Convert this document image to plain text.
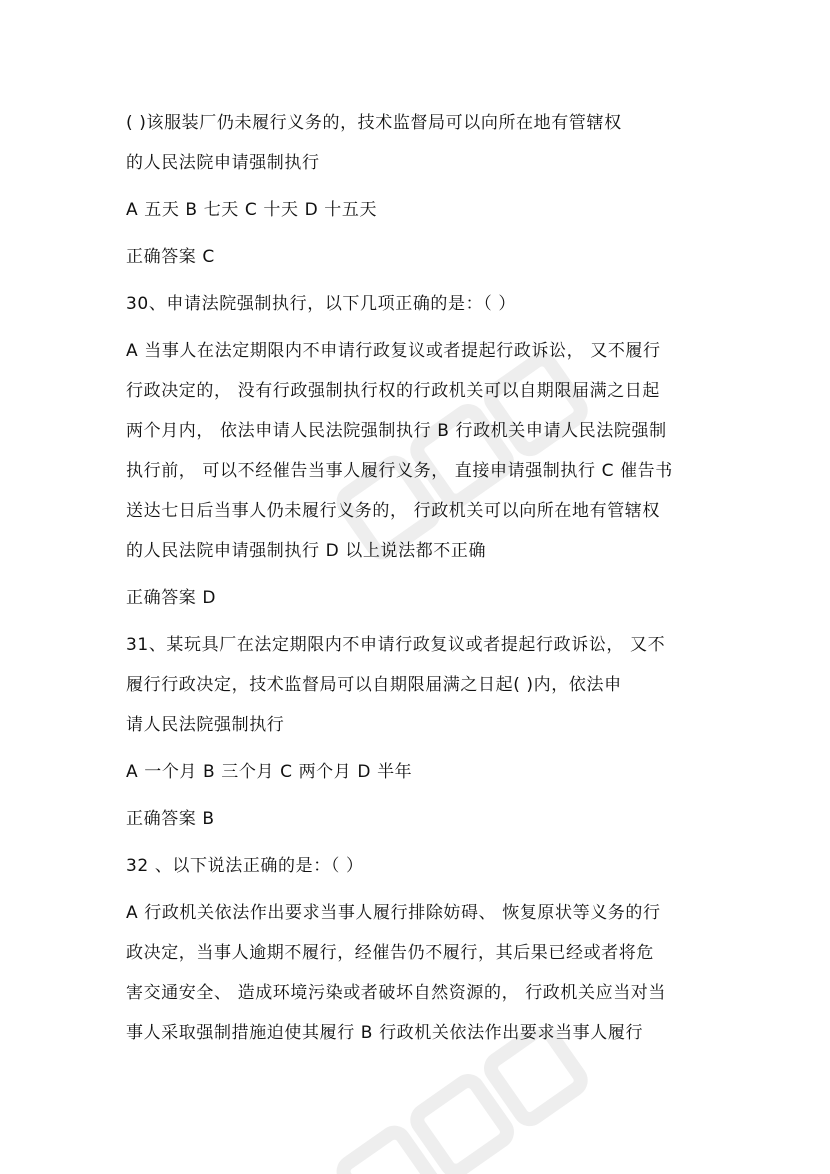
( )该服装厂仍未履行义务的，技术监督局可以向所在地有管辖权
的人民法院申请强制执行
A 五天 B 七天 C 十天 D 十五天
正确答案 C
30、申请法院强制执行，以下几项正确的是：（ ）
A 当事人在法定期限内不申请行政复议或者提起行政诉讼， 又不履行
行政决定的， 没有行政强制执行权的行政机关可以自期限届满之日起
两个月内， 依法申请人民法院强制执行 B 行政机关申请人民法院强制
执行前， 可以不经催告当事人履行义务， 直接申请强制执行 C 催告书
送达七日后当事人仍未履行义务的， 行政机关可以向所在地有管辖权
的人民法院申请强制执行 D 以上说法都不正确
正确答案 D
31、某玩具厂在法定期限内不申请行政复议或者提起行政诉讼， 又不
履行行政决定，技术监督局可以自期限届满之日起( )内，依法申
请人民法院强制执行
A 一个月 B 三个月 C 两个月 D 半年
正确答案 B
32 、以下说法正确的是：（ ）
A 行政机关依法作出要求当事人履行排除妨碍、 恢复原状等义务的行
政决定，当事人逾期不履行，经催告仍不履行，其后果已经或者将危
害交通安全、 造成环境污染或者破坏自然资源的， 行政机关应当对当
事人采取强制措施迫使其履行 B 行政机关依法作出要求当事人履行
